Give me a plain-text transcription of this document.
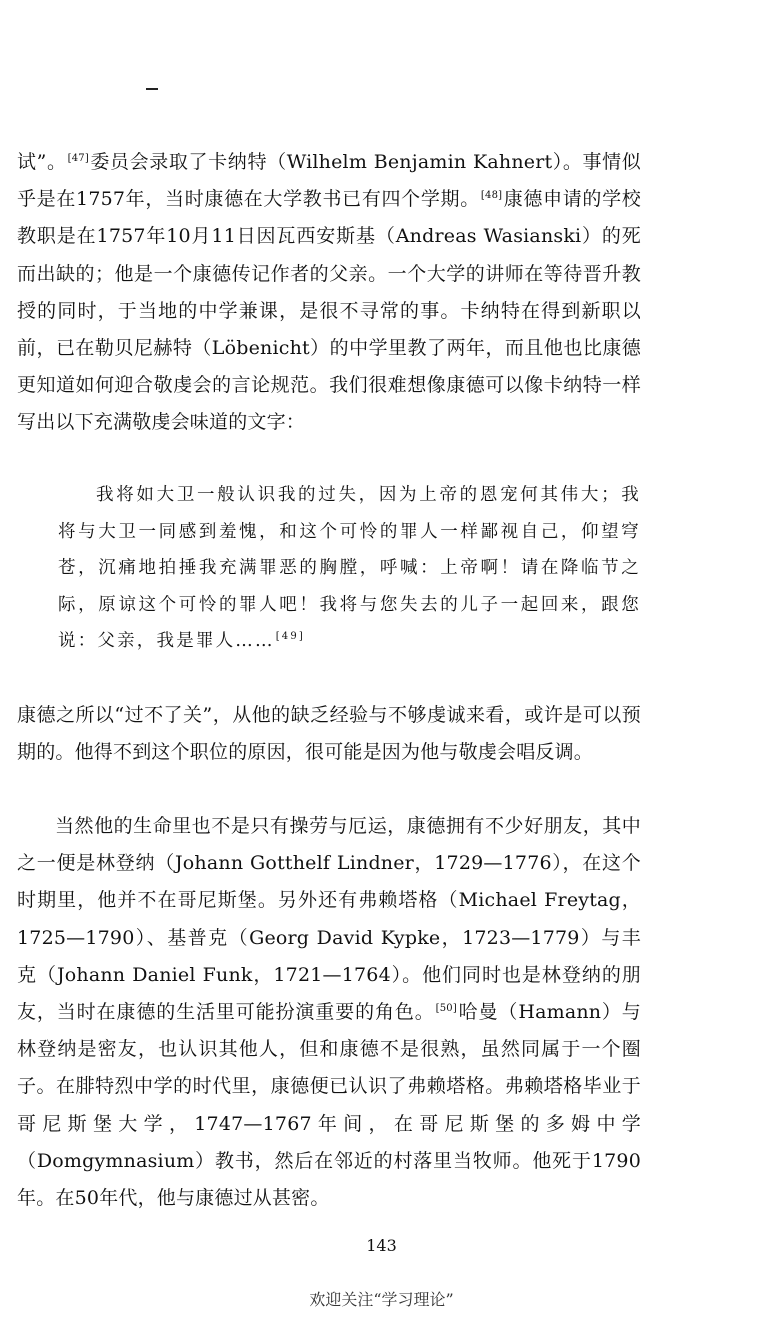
试”。[47]委员会录取了卡纳特（Wilhelm Benjamin Kahnert）。事情似乎是在1757年，当时康德在大学教书已有四个学期。[48]康德申请的学校教职是在1757年10月11日因瓦西安斯基（Andreas Wasianski）的死而出缺的；他是一个康德传记作者的父亲。一个大学的讲师在等待晋升教授的同时，于当地的中学兼课，是很不寻常的事。卡纳特在得到新职以前，已在勒贝尼赫特（Löbenicht）的中学里教了两年，而且他也比康德更知道如何迎合敬虔会的言论规范。我们很难想像康德可以像卡纳特一样写出以下充满敬虔会味道的文字：

我将如大卫一般认识我的过失，因为上帝的恩宠何其伟大；我将与大卫一同感到羞愧，和这个可怜的罪人一样鄙视自己，仰望穹苍，沉痛地拍捶我充满罪恶的胸膛，呼喊：上帝啊！请在降临节之际，原谅这个可怜的罪人吧！我将与您失去的儿子一起回来，跟您说：父亲，我是罪人……[49]

康德之所以“过不了关”，从他的缺乏经验与不够虔诚来看，或许是可以预期的。他得不到这个职位的原因，很可能是因为他与敬虔会唱反调。

当然他的生命里也不是只有操劳与厄运，康德拥有不少好朋友，其中之一便是林登纳（Johann Gotthelf Lindner，1729—1776），在这个时期里，他并不在哥尼斯堡。另外还有弗赖塔格（Michael Freytag，1725—1790）、基普克（Georg David Kypke，1723—1779）与丰克（Johann Daniel Funk，1721—1764）。他们同时也是林登纳的朋友，当时在康德的生活里可能扮演重要的角色。[50]哈曼（Hamann）与林登纳是密友，也认识其他人，但和康德不是很熟，虽然同属于一个圈子。在腓特烈中学的时代里，康德便已认识了弗赖塔格。弗赖塔格毕业于哥尼斯堡大学，1747—1767年间，在哥尼斯堡的多姆中学（Domgymnasium）教书，然后在邻近的村落里当牧师。他死于1790年。在50年代，他与康德过从甚密。

143

欢迎关注“学习理论”
